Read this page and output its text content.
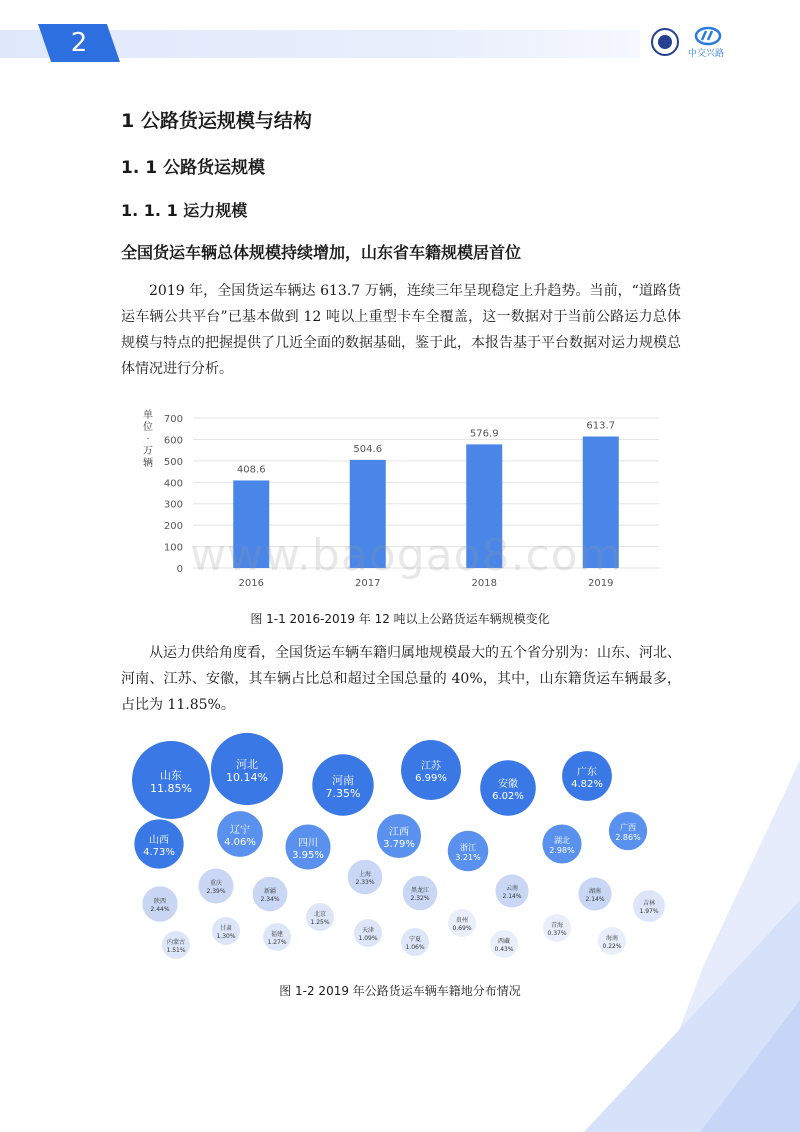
2	中交兴路
1 公路货运规模与结构
1. 1 公路货运规模
1. 1. 1 运力规模
全国货运车辆总体规模持续增加，山东省车籍规模居首位
2019 年，全国货运车辆达 613.7 万辆，连续三年呈现稳定上升趋势。当前，“道路货运车辆公共平台”已基本做到 12 吨以上重型卡车全覆盖，这一数据对于当前公路运力总体规模与特点的把握提供了几近全面的数据基础，鉴于此，本报告基于平台数据对运力规模总体情况进行分析。
0
100
200
300
400
500
600
700
单
位
·
万
辆
408.6
2016
504.6
2017
576.9
2018
613.7
2019
www.baogao8.com
图 1-1 2016-2019 年 12 吨以上公路货运车辆规模变化
从运力供给角度看，全国货运车辆车籍归属地规模最大的五个省分别为：山东、河北、河南、江苏、安徽，其车辆占比总和超过全国总量的 40%，其中，山东籍货运车辆最多，占比为 11.85%。
山东
11.85%
河北
10.14%	河南
7.35%
江苏
6.99%
安徽
6.02%
广东
4.82%
山西
4.73%
辽宁
4.06%	四川
3.95%
江西
3.79%	浙江
3.21%
湖北
2.98%
广西
2.86%
重庆
2.39%	新疆
2.34%
上海
2.33%
黑龙江
2.32%
云南
2.14%
湖南
2.14%
陕西
2.44%
吉林
1.97%
北京
1.25%
甘肃
1.30%	福建
1.27%
天津
1.09%
贵州
0.69%
宁夏
1.06%
西藏
0.43%
青海
0.37%
海南
0.22%
内蒙古
1.51%
图 1-2 2019 年公路货运车辆车籍地分布情况
